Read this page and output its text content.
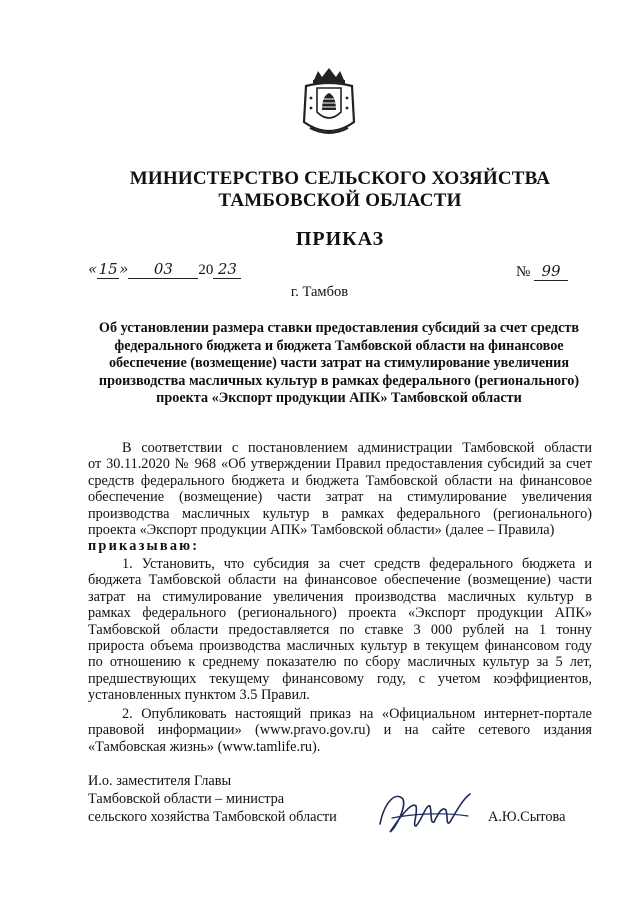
МИНИСТЕРСТВО СЕЛЬСКОГО ХОЗЯЙСТВА
ТАМБОВСКОЙ ОБЛАСТИ
ПРИКАЗ
«15» 03 20 23	№ 99
г. Тамбов
Об установлении размера ставки предоставления субсидий за счет средств
федерального бюджета и бюджета Тамбовской области на финансовое
обеспечение (возмещение) части затрат на стимулирование увеличения
производства масличных культур в рамках федерального (регионального)
проекта «Экспорт продукции АПК» Тамбовской области
В соответствии с постановлением администрации Тамбовской области
от 30.11.2020 № 968 «Об утверждении Правил предоставления субсидий за счет
средств федерального бюджета и бюджета Тамбовской области на финансовое
обеспечение (возмещение) части затрат на стимулирование увеличения
производства масличных культур в рамках федерального (регионального)
проекта «Экспорт продукции АПК» Тамбовской области» (далее – Правила)
приказываю:
1. Установить, что субсидия за счет средств федерального бюджета и
бюджета Тамбовской области на финансовое обеспечение (возмещение) части
затрат на стимулирование увеличения производства масличных культур в
рамках федерального (регионального) проекта «Экспорт продукции АПК»
Тамбовской области предоставляется по ставке 3 000 рублей на 1 тонну
прироста объема производства масличных культур в текущем финансовом году
по отношению к среднему показателю по сбору масличных культур за 5 лет,
предшествующих текущему финансовому году, с учетом коэффициентов,
установленных пунктом 3.5 Правил.
2. Опубликовать настоящий приказ на «Официальном интернет-портале
правовой информации» (www.pravo.gov.ru) и на сайте сетевого издания
«Тамбовская жизнь» (www.tamlife.ru).
И.о. заместителя Главы
Тамбовской области – министра
сельского хозяйства Тамбовской области	А.Ю.Сытова
